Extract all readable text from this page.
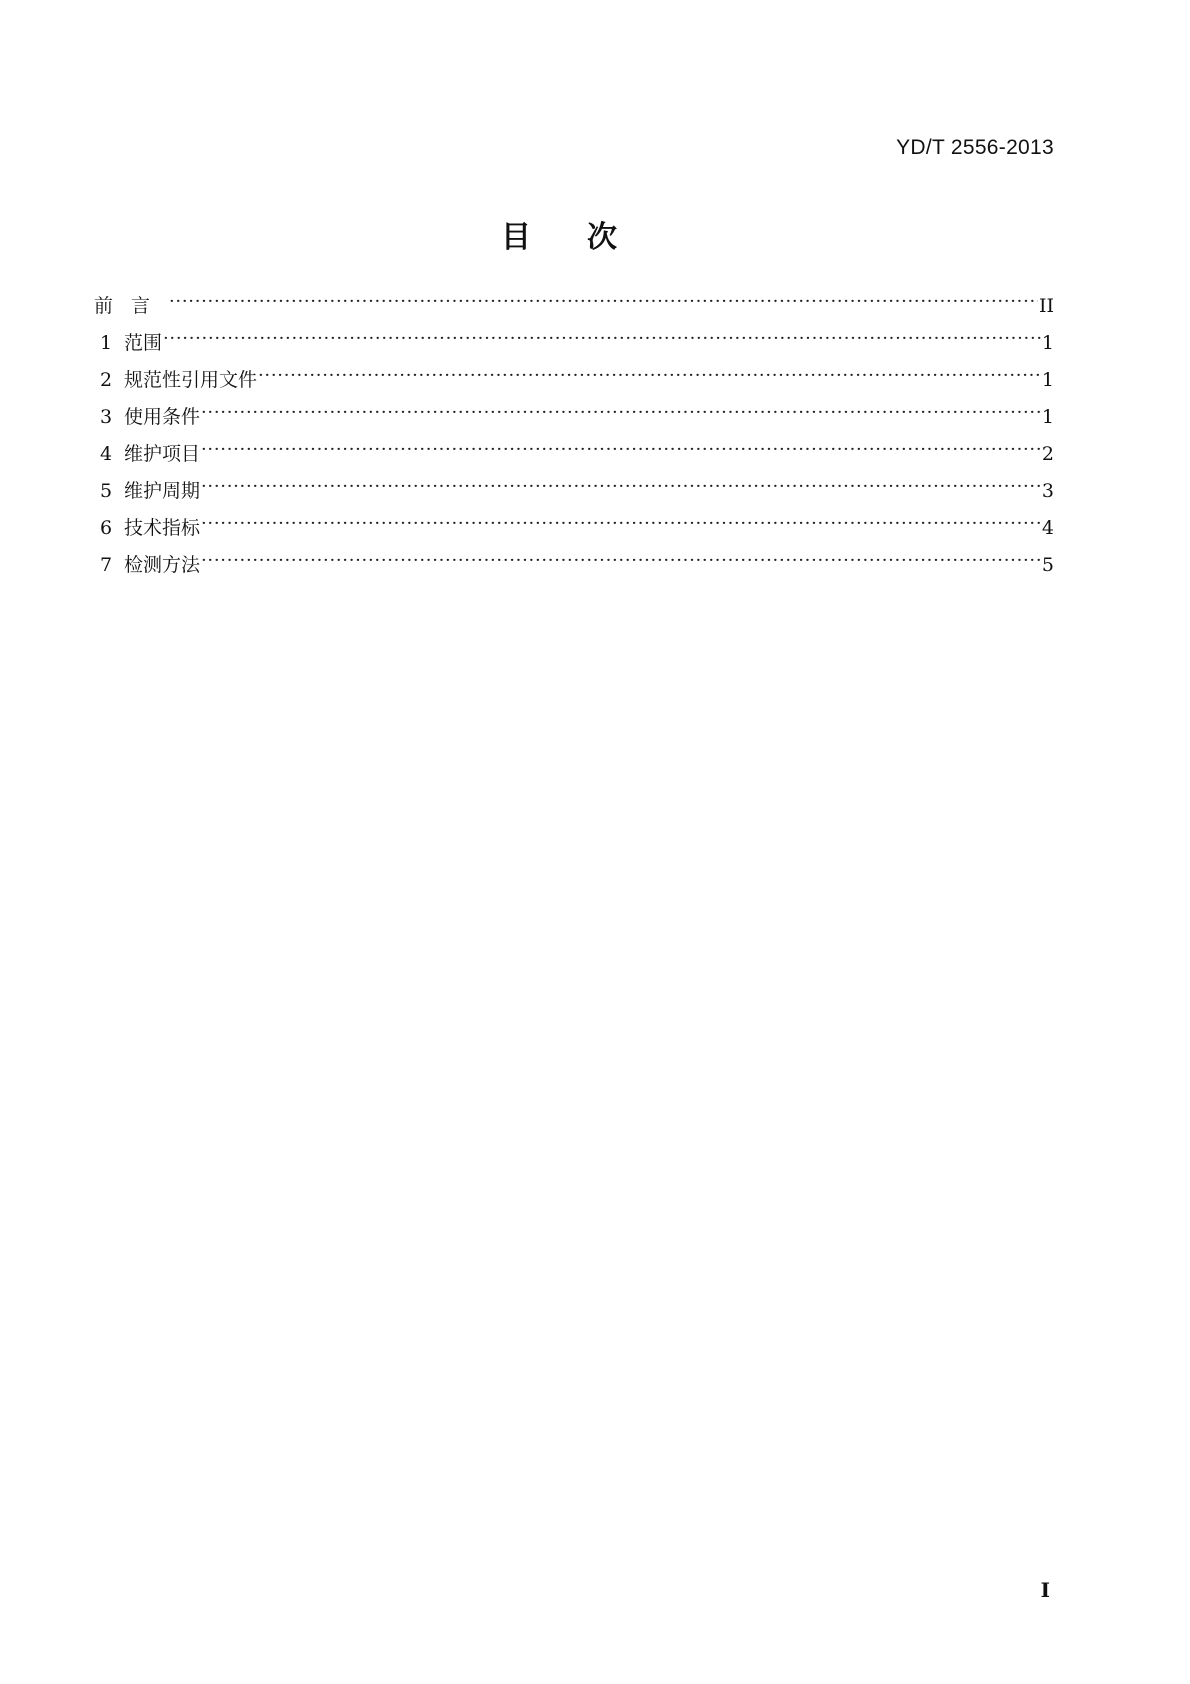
YD/T 2556-2013
目 次
前言 ·····	II
1 范围 ·····	1
2 规范性引用文件 ·····	1
3 使用条件 ·····	1
4 维护项目 ·····	2
5 维护周期 ·····	3
6 技术指标 ·····	4
7 检测方法 ·····	5
I
